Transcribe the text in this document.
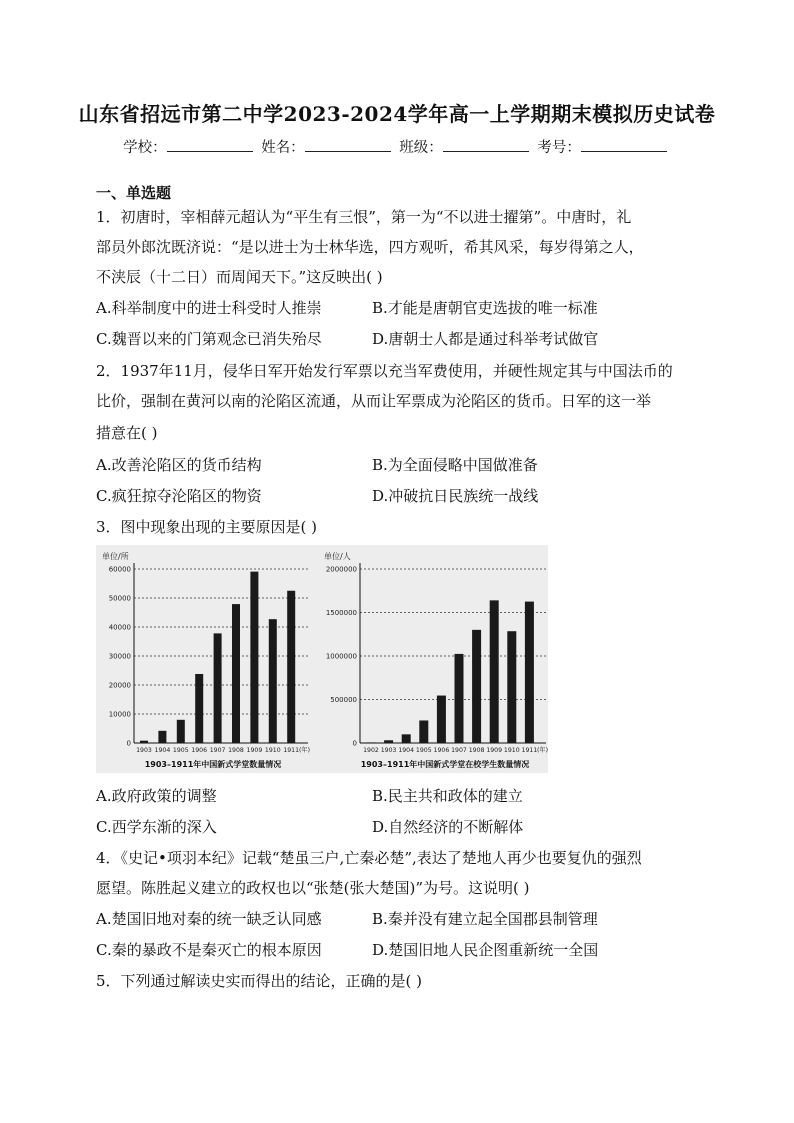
山东省招远市第二中学2023-2024学年高一上学期期末模拟历史试卷
学校：	姓名：	班级：	考号：
一、单选题
1．初唐时，宰相薛元超认为“平生有三恨”，第一为“不以进士擢第”。中唐时，礼
部员外郎沈既济说：“是以进士为士林华选，四方观听，希其风采，每岁得第之人，
不浃辰（十二日）而周闻天下。”这反映出( )
A.科举制度中的进士科受时人推崇	B.才能是唐朝官吏选拔的唯一标准
C.魏晋以来的门第观念已消失殆尽	D.唐朝士人都是通过科举考试做官
2．1937年11月，侵华日军开始发行军票以充当军费使用，并硬性规定其与中国法币的
比价，强制在黄河以南的沦陷区流通，从而让军票成为沦陷区的货币。日军的这一举
措意在( )
A.改善沦陷区的货币结构	B.为全面侵略中国做准备
C.疯狂掠夺沦陷区的物资	D.冲破抗日民族统一战线
3．图中现象出现的主要原因是( )
单位/所
0
10000
20000
30000
40000
50000
60000
1903 1904 1905 1906 1907 1908 1909 1910 1911 (年)
1903–1911年中国新式学堂数量情况
单位/人
0
500000
1000000
1500000
2000000
1902 1903 1904 1905 1906 1907 1908 1909 1910 1911 (年)
1903–1911年中国新式学堂在校学生数量情况
A.政府政策的调整	B.民主共和政体的建立
C.西学东渐的深入	D.自然经济的不断解体
4．《史记•项羽本纪》记载“楚虽三户,亡秦必楚”,表达了楚地人再少也要复仇的强烈
愿望。陈胜起义建立的政权也以“张楚(张大楚国)”为号。这说明( )
A.楚国旧地对秦的统一缺乏认同感	B.秦并没有建立起全国郡县制管理
C.秦的暴政不是秦灭亡的根本原因	D.楚国旧地人民企图重新统一全国
5．下列通过解读史实而得出的结论，正确的是( )
